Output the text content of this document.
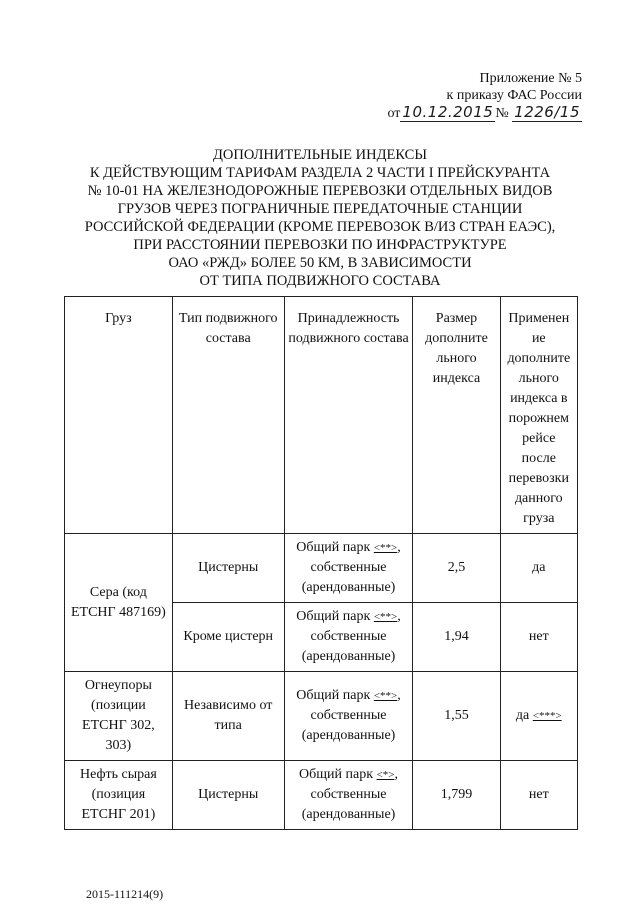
Приложение № 5
к приказу ФАС России
от 10.12.2015 № 1226/15
ДОПОЛНИТЕЛЬНЫЕ ИНДЕКСЫ
К ДЕЙСТВУЮЩИМ ТАРИФАМ РАЗДЕЛА 2 ЧАСТИ I ПРЕЙСКУРАНТА
№ 10-01 НА ЖЕЛЕЗНОДОРОЖНЫЕ ПЕРЕВОЗКИ ОТДЕЛЬНЫХ ВИДОВ
ГРУЗОВ ЧЕРЕЗ ПОГРАНИЧНЫЕ ПЕРЕДАТОЧНЫЕ СТАНЦИИ
РОССИЙСКОЙ ФЕДЕРАЦИИ (КРОМЕ ПЕРЕВОЗОК В/ИЗ СТРАН ЕАЭС),
ПРИ РАССТОЯНИИ ПЕРЕВОЗКИ ПО ИНФРАСТРУКТУРЕ
ОАО «РЖД» БОЛЕЕ 50 КМ, В ЗАВИСИМОСТИ
ОТ ТИПА ПОДВИЖНОГО СОСТАВА
Груз	Тип подвижного состава	Принадлежность подвижного состава	Размер дополните льного индекса	Применен ие дополните льного индекса в порожнем рейсе после перевозки данного груза
Сера (код ЕТСНГ 487169)	Цистерны	Общий парк <**>, собственные (арендованные)	2,5	да
	Кроме цистерн	Общий парк <**>, собственные (арендованные)	1,94	нет
Огнеупоры (позиции ЕТСНГ 302, 303)	Независимо от типа	Общий парк <**>, собственные (арендованные)	1,55	да <***>
Нефть сырая (позиция ЕТСНГ 201)	Цистерны	Общий парк <*>, собственные (арендованные)	1,799	нет
2015-111214(9)
